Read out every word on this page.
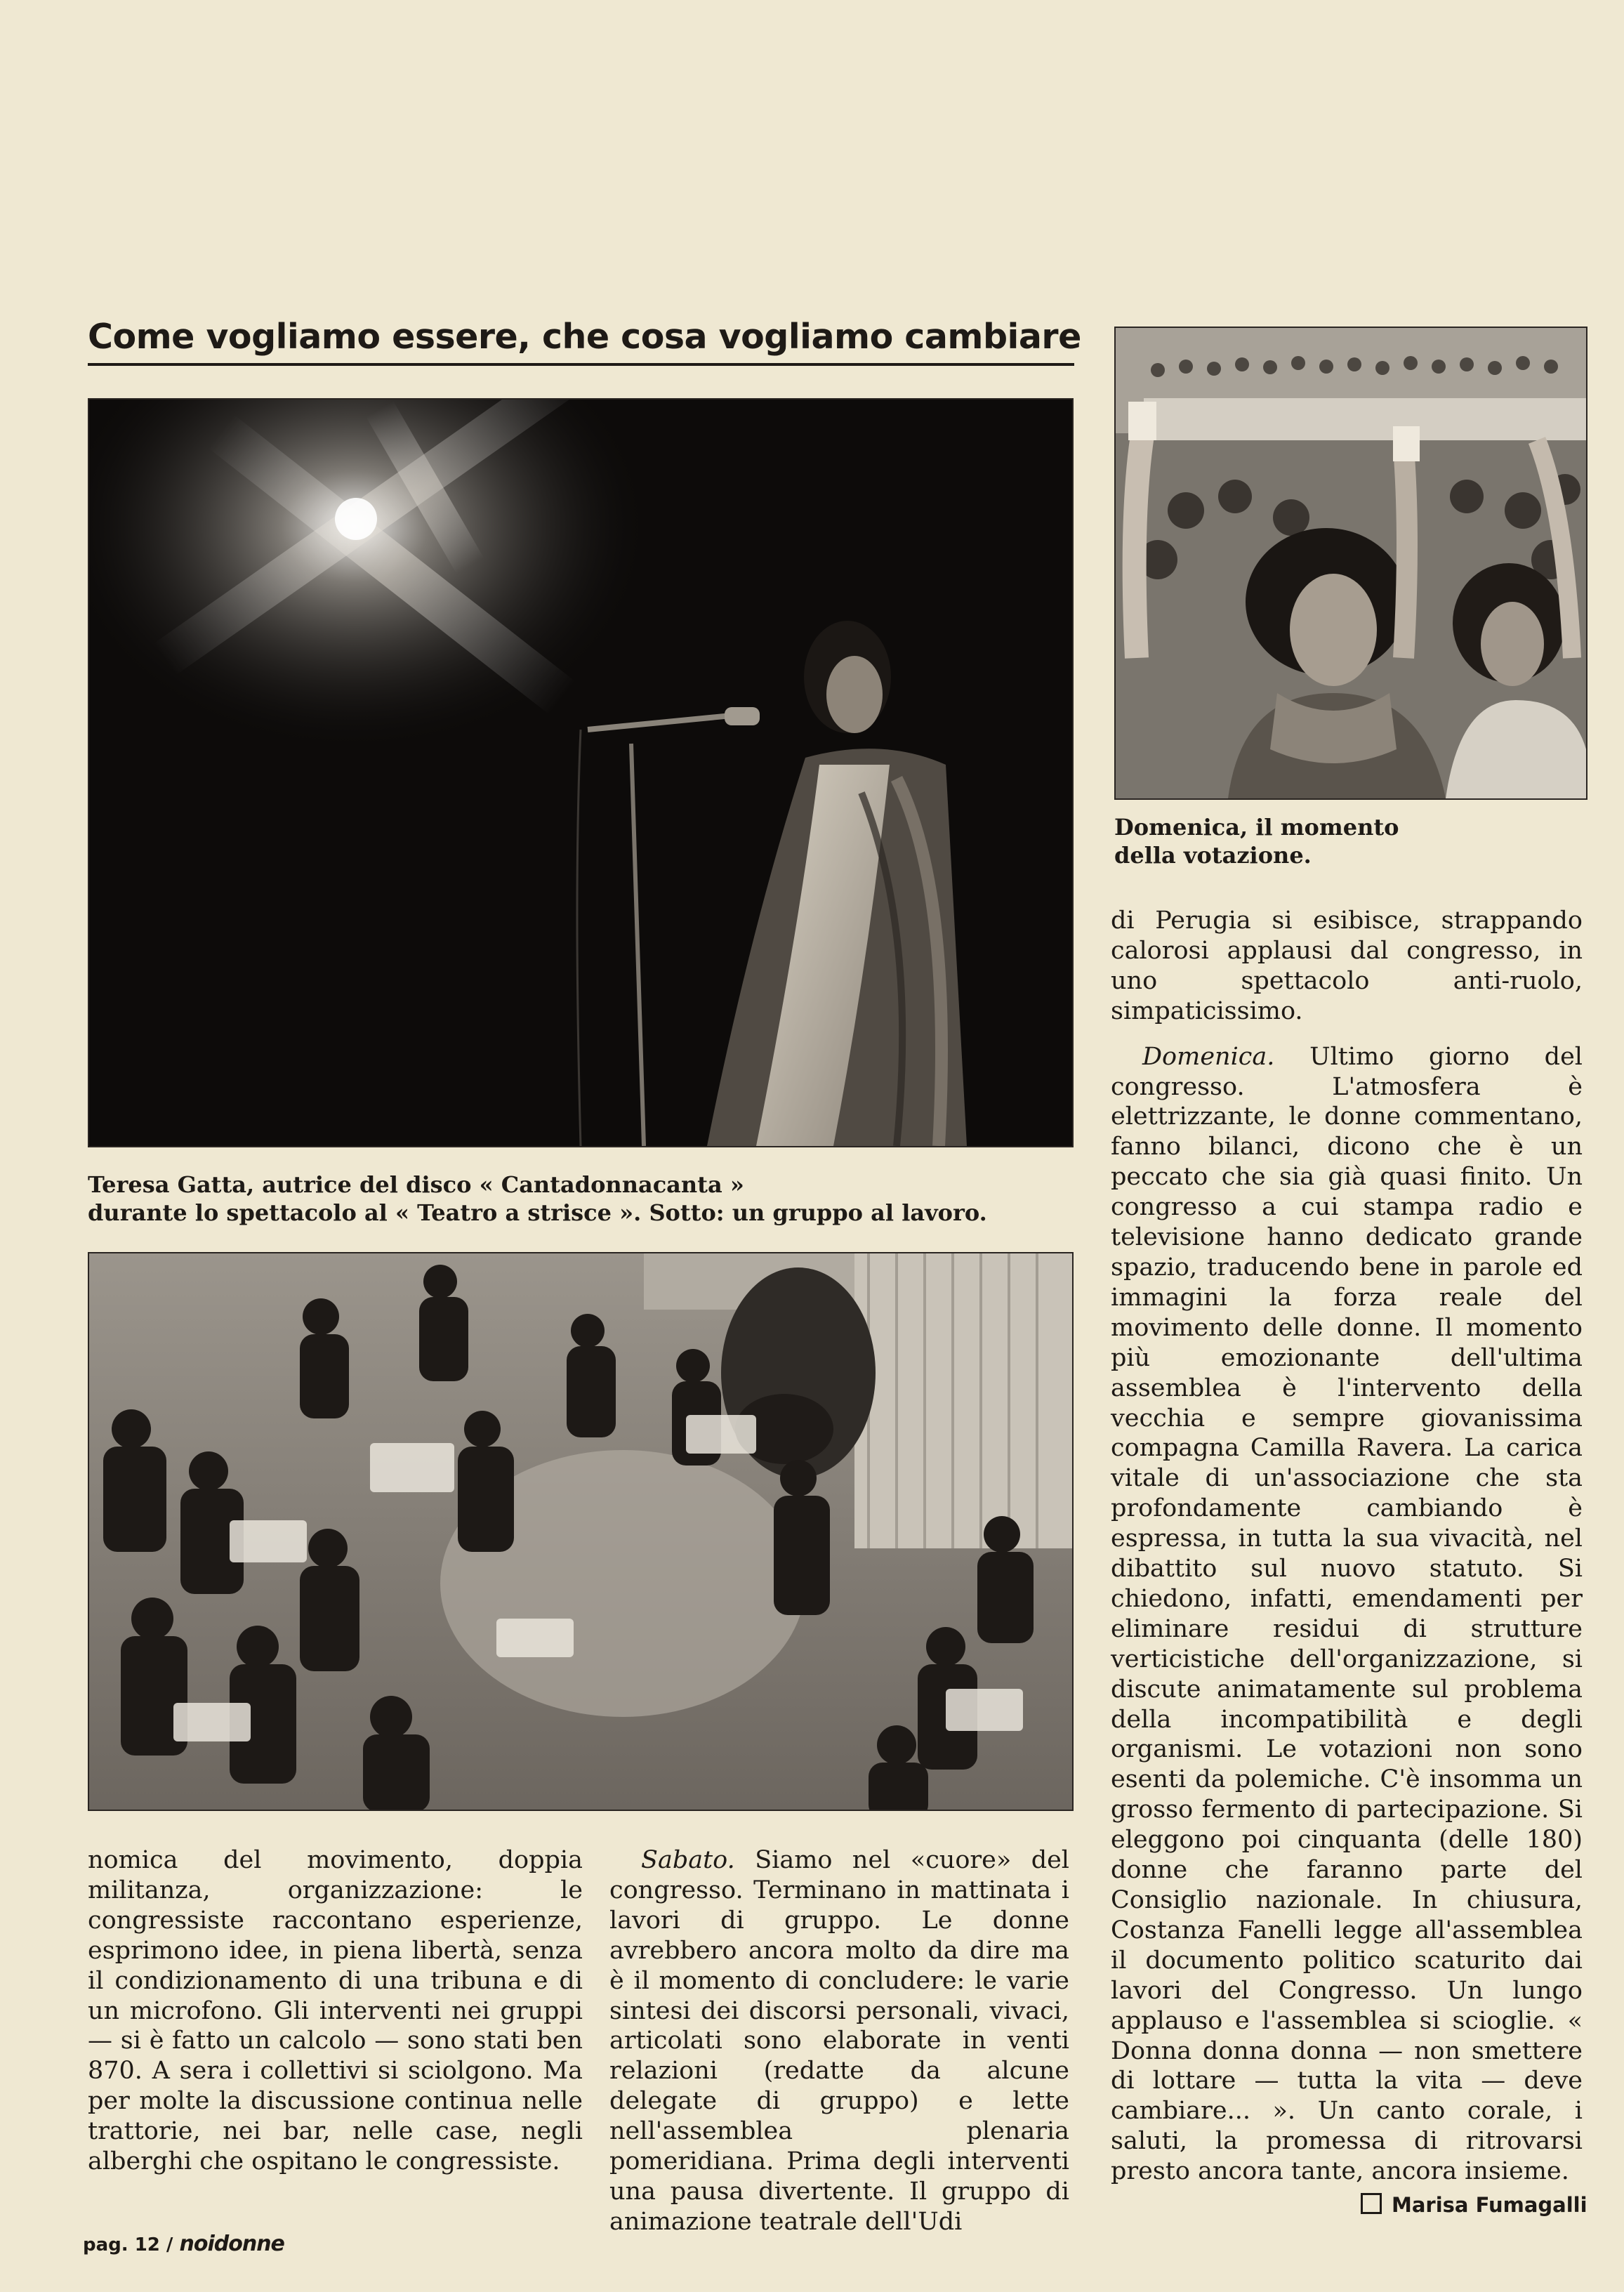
Come vogliamo essere, che cosa vogliamo cambiare
Teresa Gatta, autrice del disco « Cantadonnacanta »
durante lo spettacolo al « Teatro a strisce ». Sotto: un gruppo al lavoro.
Domenica, il momento
della votazione.

nomica del movimento, doppia militanza, organizzazione: le congressiste raccontano esperienze, esprimono idee, in piena libertà, senza il condizionamento di una tribuna e di un microfono. Gli interventi nei gruppi — si è fatto un calcolo — sono stati ben 870. A sera i collettivi si sciolgono. Ma per molte la discussione continua nelle trattorie, nei bar, nelle case, negli alberghi che ospitano le congressiste.

Sabato. Siamo nel «cuore» del congresso. Terminano in mattinata i lavori di gruppo. Le donne avrebbero ancora molto da dire ma è il momento di concludere: le varie sintesi dei discorsi personali, vivaci, articolati sono elaborate in venti relazioni (redatte da alcune delegate di gruppo) e lette nell'assemblea plenaria pomeridiana. Prima degli interventi una pausa divertente. Il gruppo di animazione teatrale dell'Udi

di Perugia si esibisce, strappando calorosi applausi dal congresso, in uno spettacolo anti-ruolo, simpaticissimo.

Domenica. Ultimo giorno del congresso. L'atmosfera è elettrizzante, le donne commentano, fanno bilanci, dicono che è un peccato che sia già quasi finito. Un congresso a cui stampa radio e televisione hanno dedicato grande spazio, traducendo bene in parole ed immagini la forza reale del movimento delle donne. Il momento più emozionante dell'ultima assemblea è l'intervento della vecchia e sempre giovanissima compagna Camilla Ravera. La carica vitale di un'associazione che sta profondamente cambiando è espressa, in tutta la sua vivacità, nel dibattito sul nuovo statuto. Si chiedono, infatti, emendamenti per eliminare residui di strutture verticistiche dell'organizzazione, si discute animatamente sul problema della incompatibilità e degli organismi. Le votazioni non sono esenti da polemiche. C'è insomma un grosso fermento di partecipazione. Si eleggono poi cinquanta (delle 180) donne che faranno parte del Consiglio nazionale. In chiusura, Costanza Fanelli legge all'assemblea il documento politico scaturito dai lavori del Congresso. Un lungo applauso e l'assemblea si scioglie. « Donna donna donna — non smettere di lottare — tutta la vita — deve cambiare... ». Un canto corale, i saluti, la promessa di ritrovarsi presto ancora tante, ancora insieme.

Marisa Fumagalli
pag. 12 / noidonne
